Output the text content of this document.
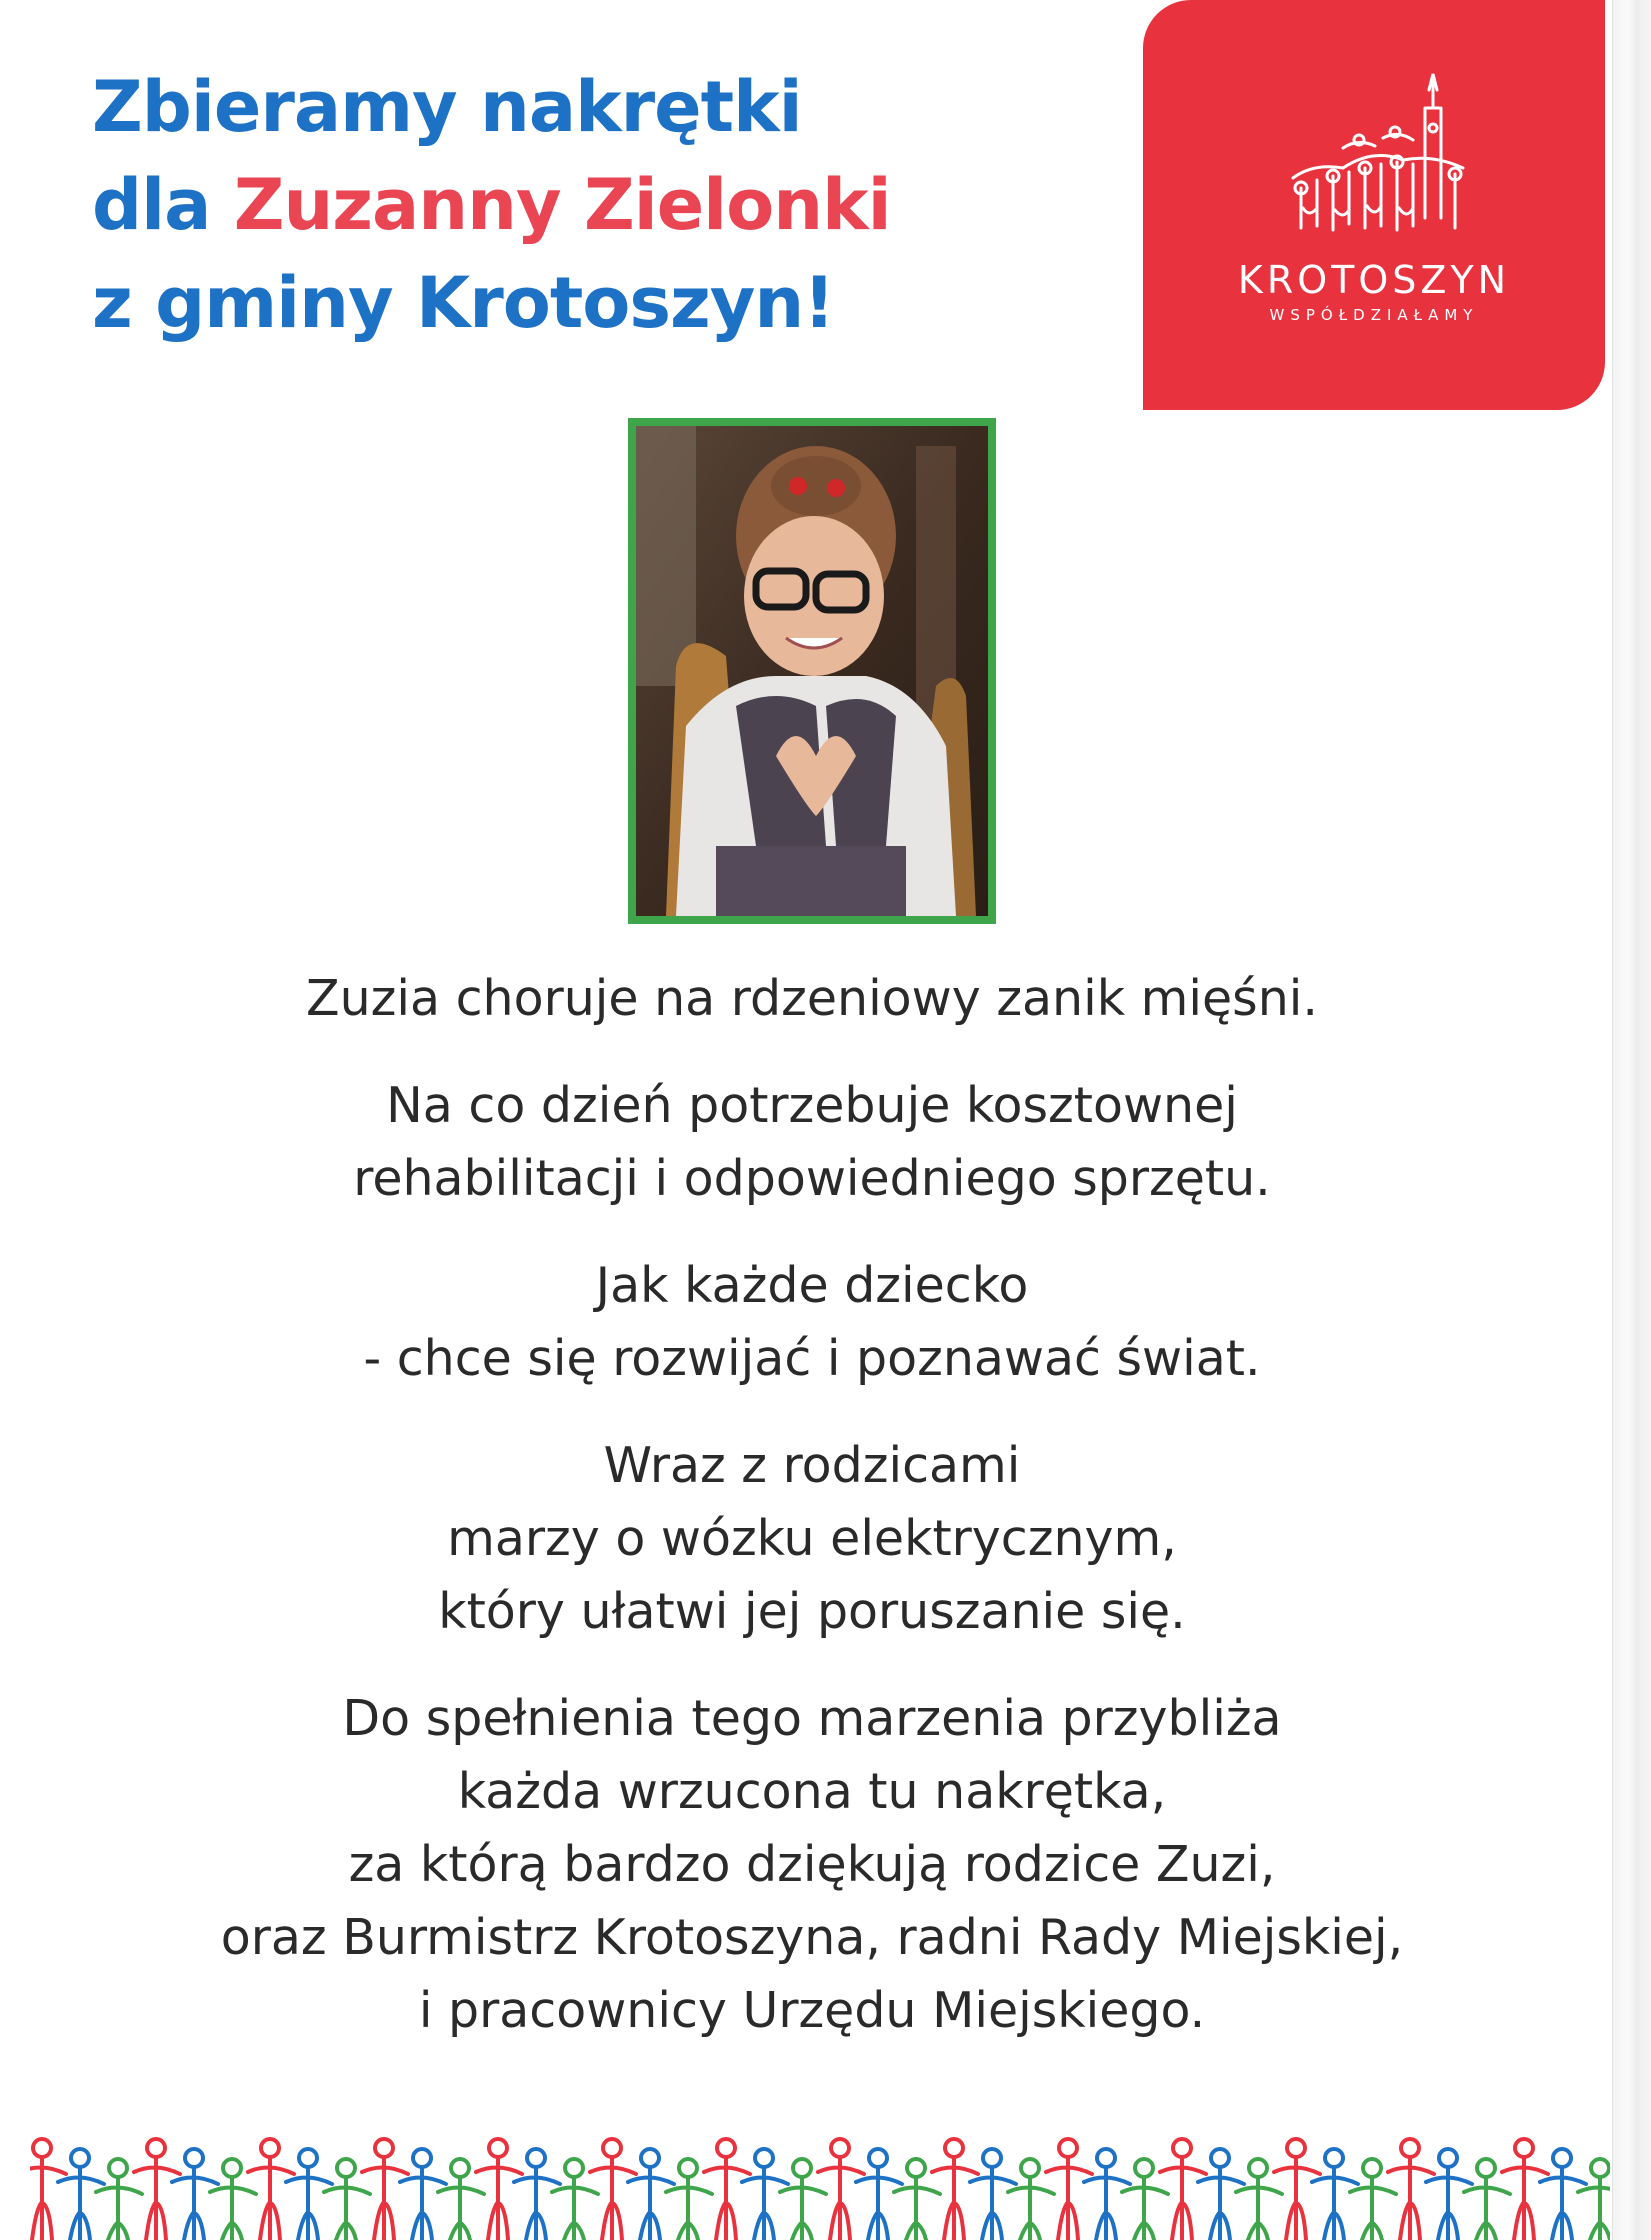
Zbieramy nakrętki
dla Zuzanny Zielonki
z gminy Krotoszyn!	KROTOSZYN
WSPÓŁDZIAŁAMY
Zuzia choruje na rdzeniowy zanik mięśni.
Na co dzień potrzebuje kosztownej
rehabilitacji i odpowiedniego sprzętu.
Jak każde dziecko
- chce się rozwijać i poznawać świat.
Wraz z rodzicami
marzy o wózku elektrycznym,
który ułatwi jej poruszanie się.
Do spełnienia tego marzenia przybliża
każda wrzucona tu nakrętka,
za którą bardzo dziękują rodzice Zuzi,
oraz Burmistrz Krotoszyna, radni Rady Miejskiej,
i pracownicy Urzędu Miejskiego.
